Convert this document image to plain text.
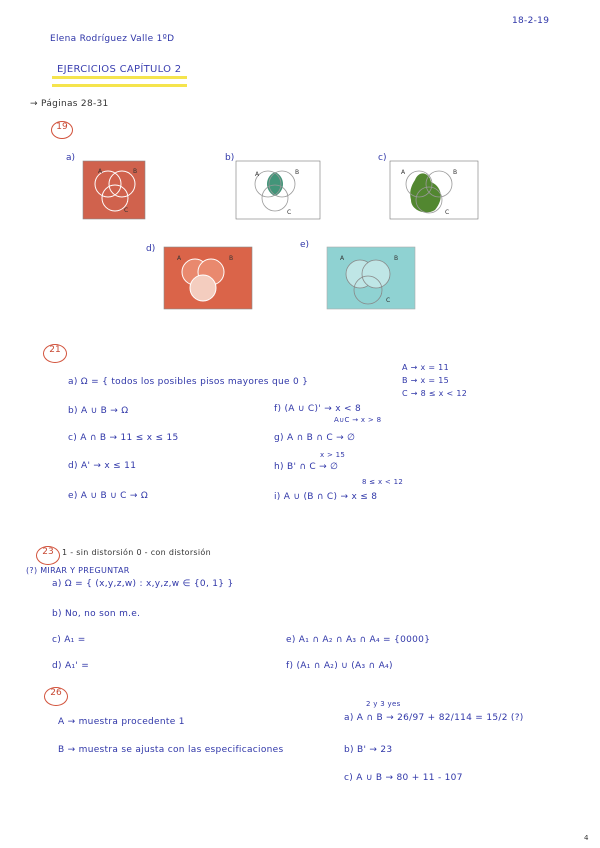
18-2-19
Elena Rodríguez Valle 1ºD
EJERCICIOS CAPÍTULO 2
→ Páginas 28-31
19
a)
A	B
C
b)
A	B
C
c)
A	B
C
d)
A	B
e)
A	B
C
21
a) Ω = { todos los posibles pisos mayores que 0 }
A → x = 11
B → x = 15
C → 8 ≤ x < 12
b) A ∪ B → Ω
c) A ∩ B → 11 ≤ x ≤ 15
d) A' → x ≤ 11
e) A ∪ B ∪ C → Ω
f) (A ∪ C)' → x < 8
A∪C → x > 8
g) A ∩ B ∩ C → ∅
x > 15
h) B' ∩ C → ∅
8 ≤ x < 12
i) A ∪ (B ∩ C) → x ≤ 8
23	1 - sin distorsión 0 - con distorsión
(?) MIRAR Y PREGUNTAR
a) Ω = { (x,y,z,w) : x,y,z,w ∈ {0, 1} }
b) No, no son m.e.
c) A₁ =
d) A₁' =
e) A₁ ∩ A₂ ∩ A₃ ∩ A₄ = {0000}
f) (A₁ ∩ A₂) ∪ (A₃ ∩ A₄)
26
A → muestra procedente 1
B → muestra se ajusta con las especificaciones
2 y 3 yes
a) A ∩ B → 26/97 + 82/114 = 15/2 (?)
b) B' → 23
c) A ∪ B → 80 + 11 - 107
4
